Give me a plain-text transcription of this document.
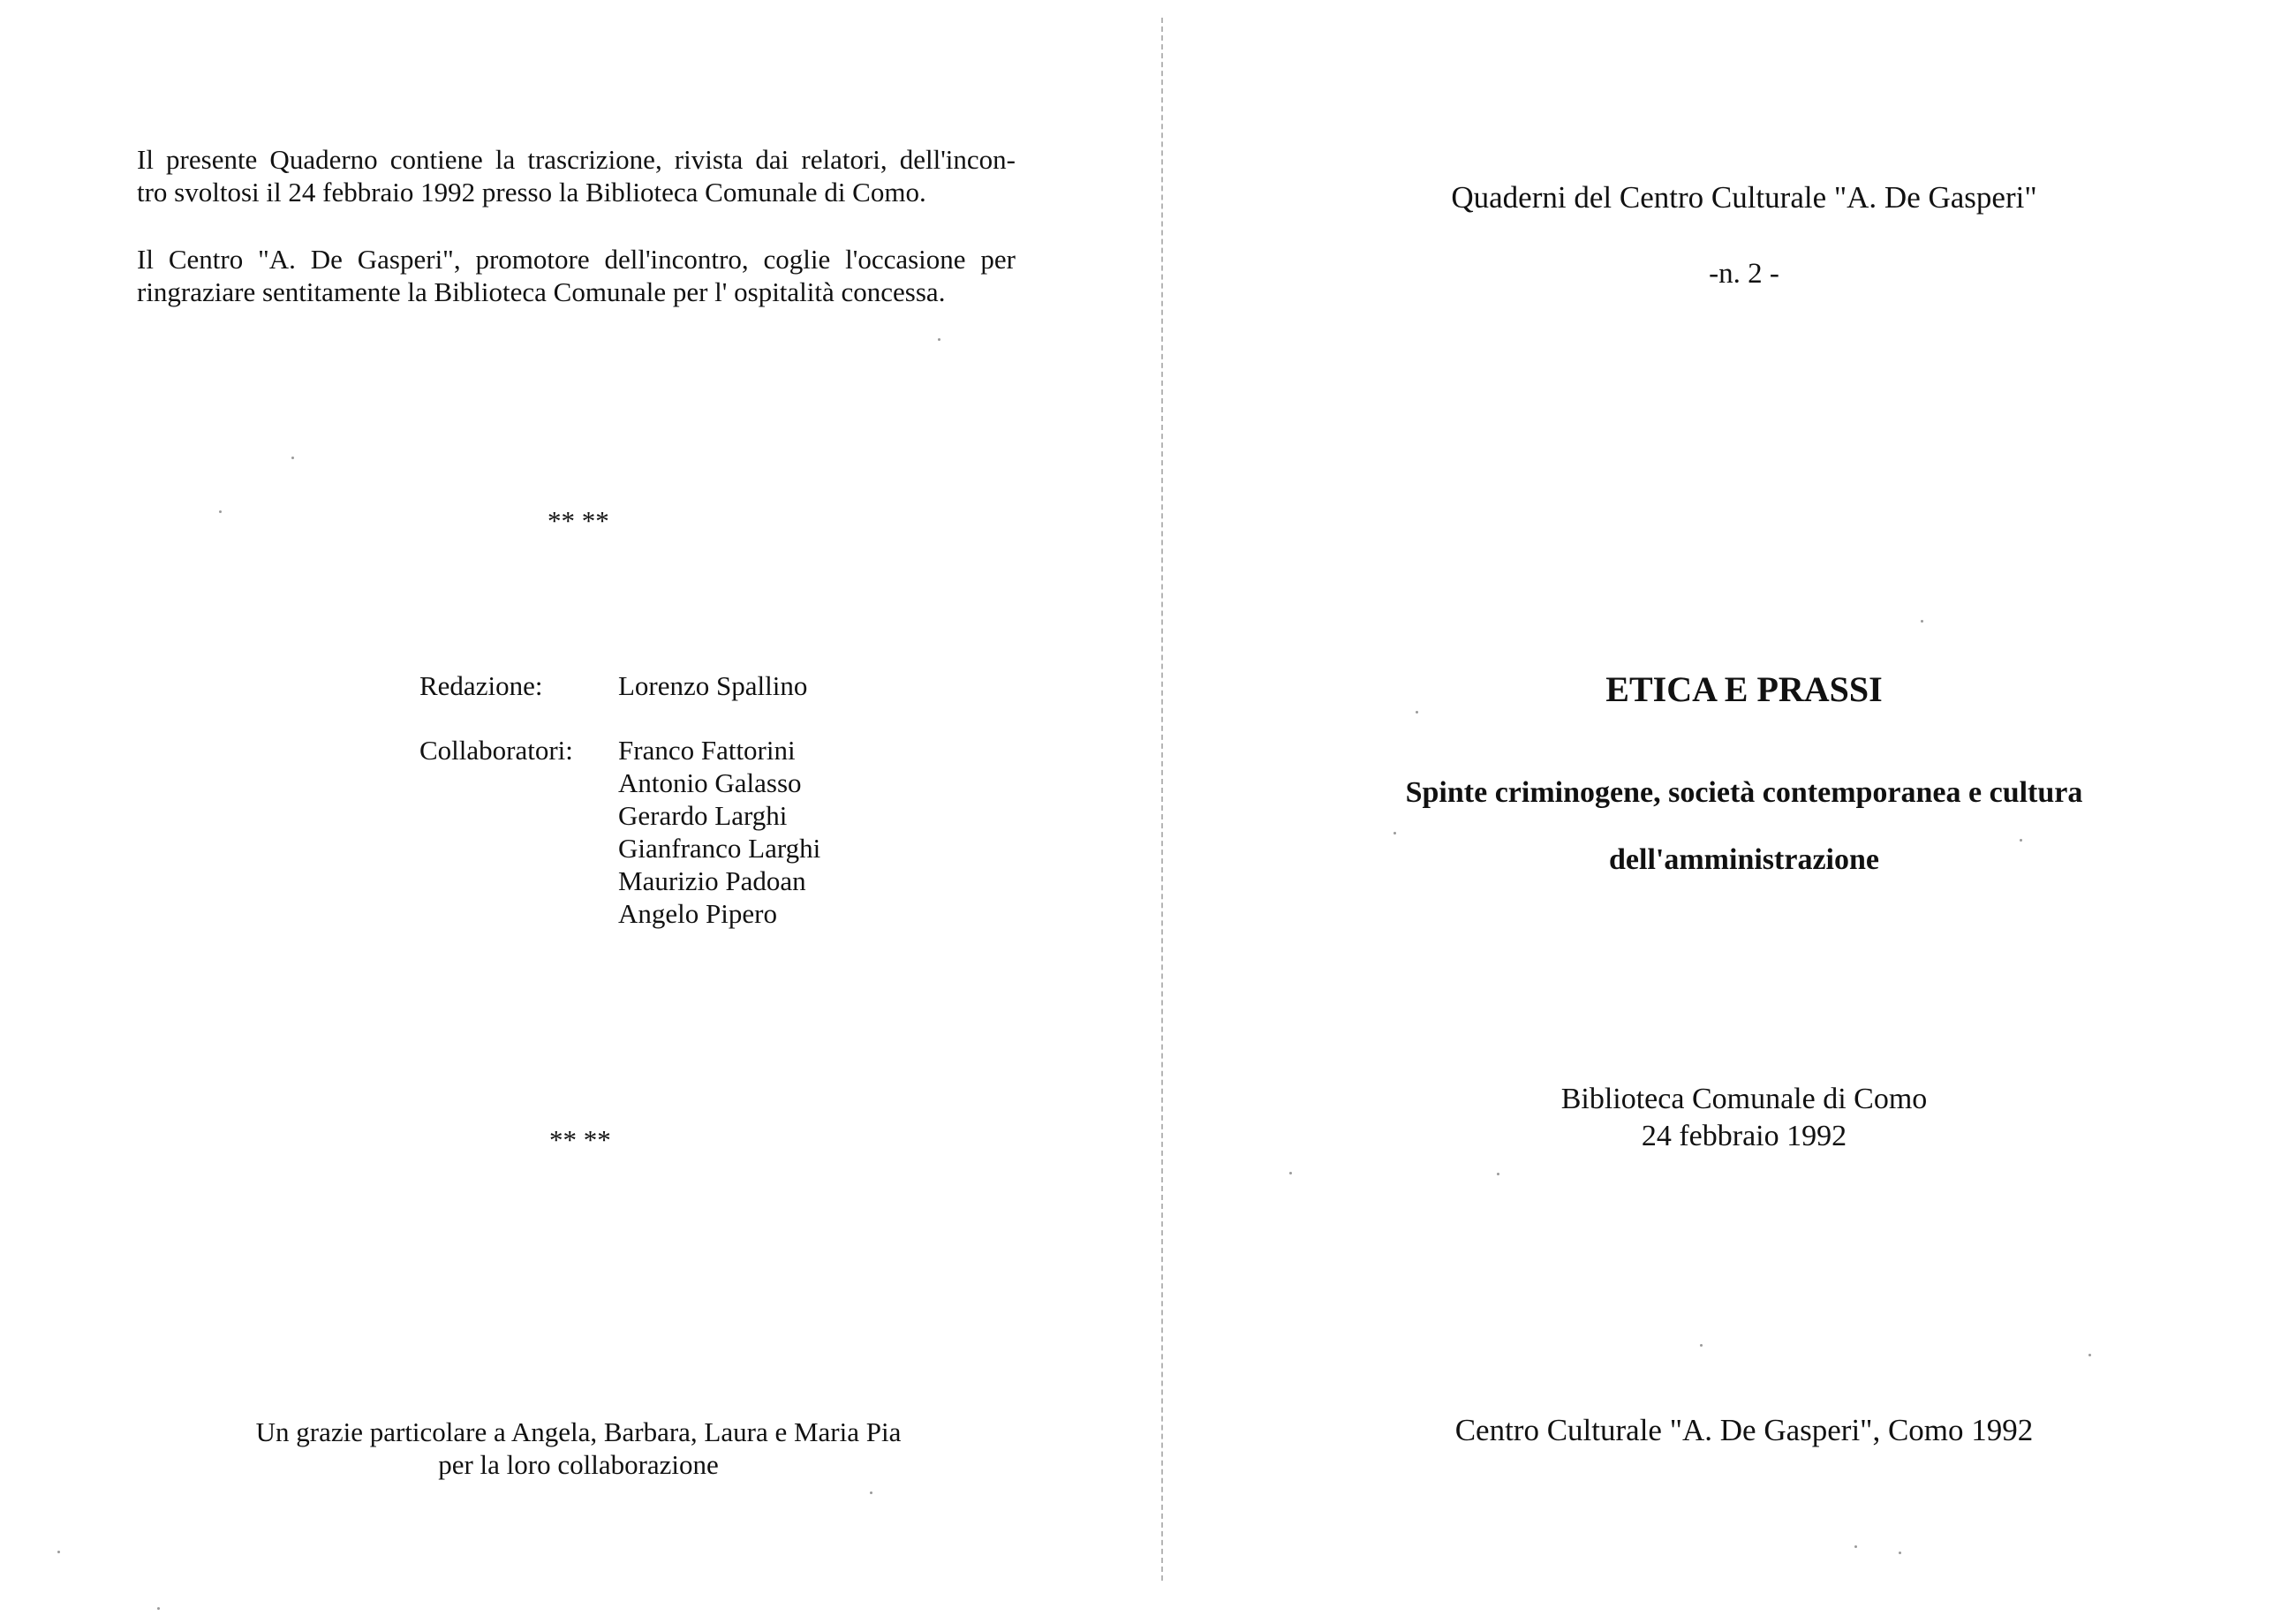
Il presente Quaderno contiene la trascrizione, rivista dai relatori, dell'incon-
tro svoltosi il 24 febbraio 1992 presso la Biblioteca Comunale di Como.
Il Centro "A. De Gasperi", promotore dell'incontro, coglie l'occasione per
ringraziare sentitamente la Biblioteca Comunale per l' ospitalità concessa.
** **
Redazione:	Lorenzo Spallino
Collaboratori: Franco Fattorini
Antonio Galasso
Gerardo Larghi
Gianfranco Larghi
Maurizio Padoan
Angelo Pipero
** **
Un grazie particolare a Angela, Barbara, Laura e Maria Pia
per la loro collaborazione
Quaderni del Centro Culturale "A. De Gasperi"
-n. 2 -
ETICA E PRASSI
Spinte criminogene, società contemporanea e cultura
dell'amministrazione
Biblioteca Comunale di Como
24 febbraio 1992
Centro Culturale "A. De Gasperi", Como 1992
